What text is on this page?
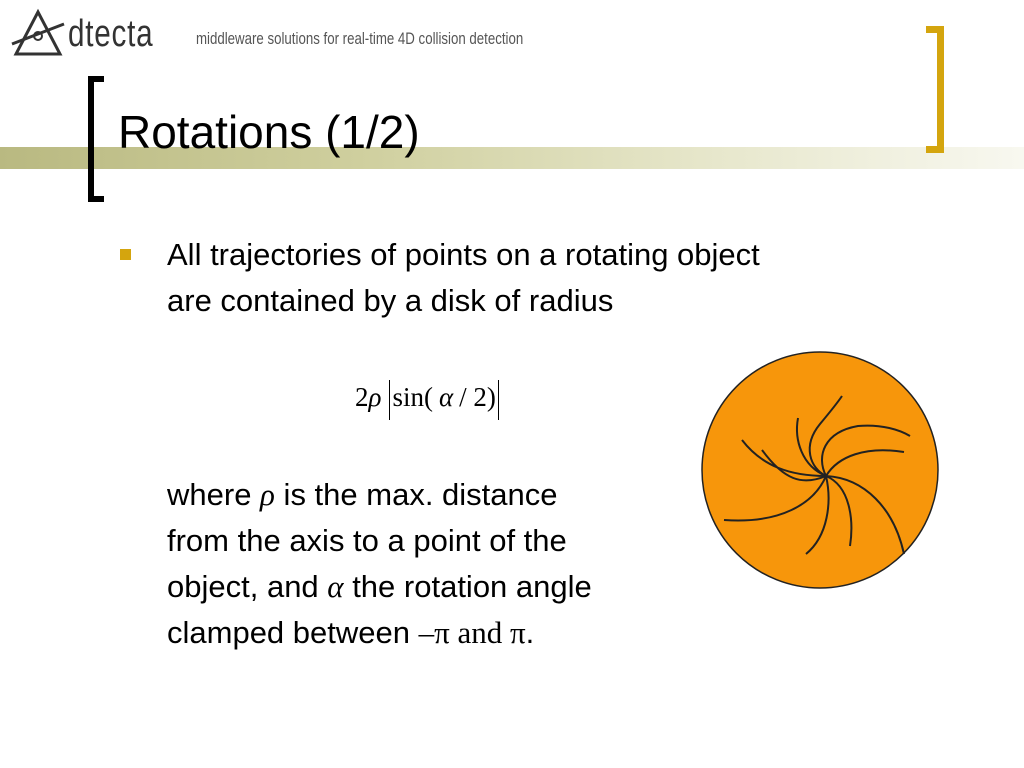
dtecta	middleware solutions for real-time 4D collision detection
Rotations (1/2)
All trajectories of points on a rotating object
are contained by a disk of radius
2ρ sin( α / 2)
where ρ is the max. distance
from the axis to a point of the
object, and α the rotation angle
clamped between –π and π.
